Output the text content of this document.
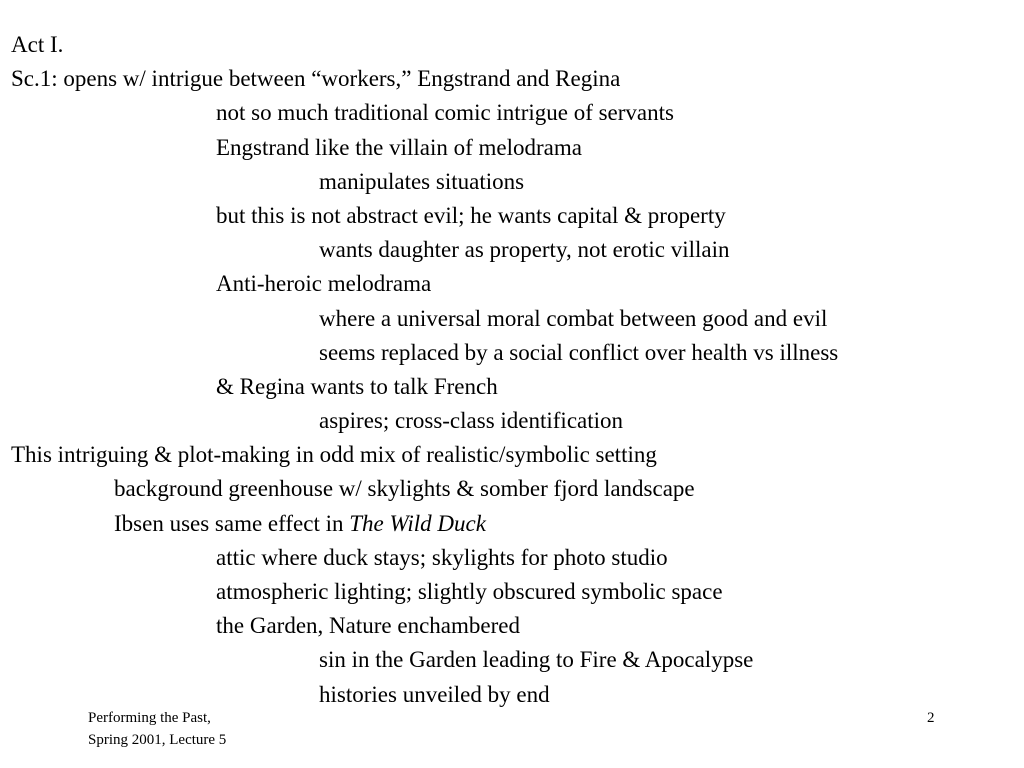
Act I.
Sc.1: opens w/ intrigue between “workers,” Engstrand and Regina
not so much traditional comic intrigue of servants
Engstrand like the villain of melodrama
manipulates situations
but this is not abstract evil; he wants capital & property
wants daughter as property, not erotic villain
Anti-heroic melodrama
where a universal moral combat between good and evil
seems replaced by a social conflict over health vs illness
& Regina wants to talk French
aspires; cross-class identification
This intriguing & plot-making in odd mix of realistic/symbolic setting
background greenhouse w/ skylights & somber fjord landscape
Ibsen uses same effect in The Wild Duck
attic where duck stays; skylights for photo studio
atmospheric lighting; slightly obscured symbolic space
the Garden, Nature enchambered
sin in the Garden leading to Fire & Apocalypse
histories unveiled by end
Performing the Past,
Spring 2001, Lecture 5
2
